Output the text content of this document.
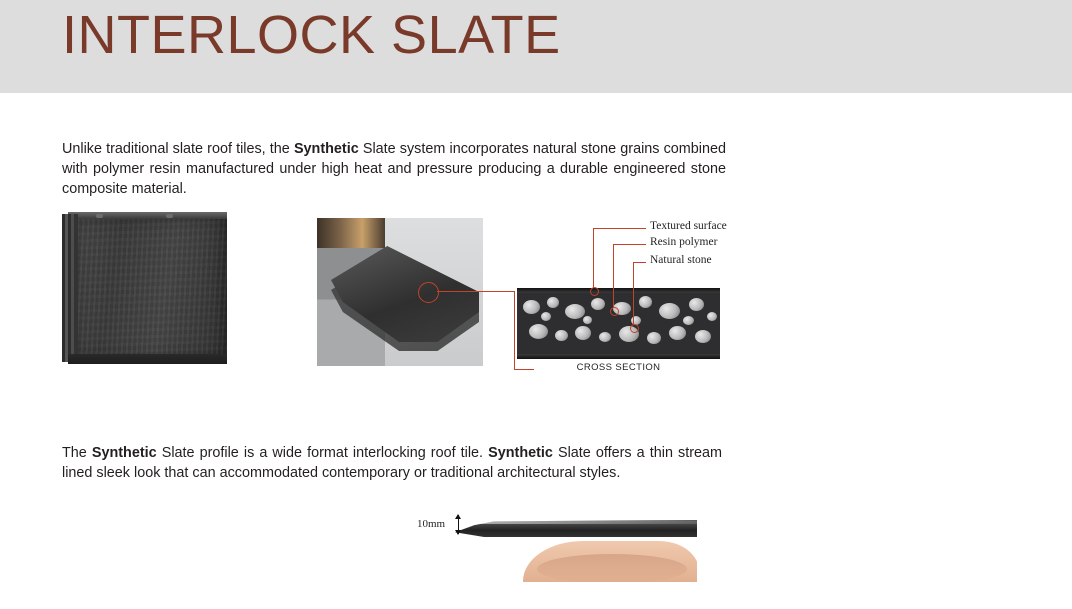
INTERLOCK SLATE
Unlike traditional slate roof tiles, the Synthetic Slate system incorporates natural stone grains combined with polymer resin manufactured under high heat and pressure producing a durable engineered stone composite material.
CROSS SECTION
Textured surface
Resin polymer
Natural stone
The Synthetic Slate profile is a wide format interlocking roof tile. Synthetic Slate offers a thin stream lined sleek look that can accommodated contemporary or traditional architectural styles.
10mm
